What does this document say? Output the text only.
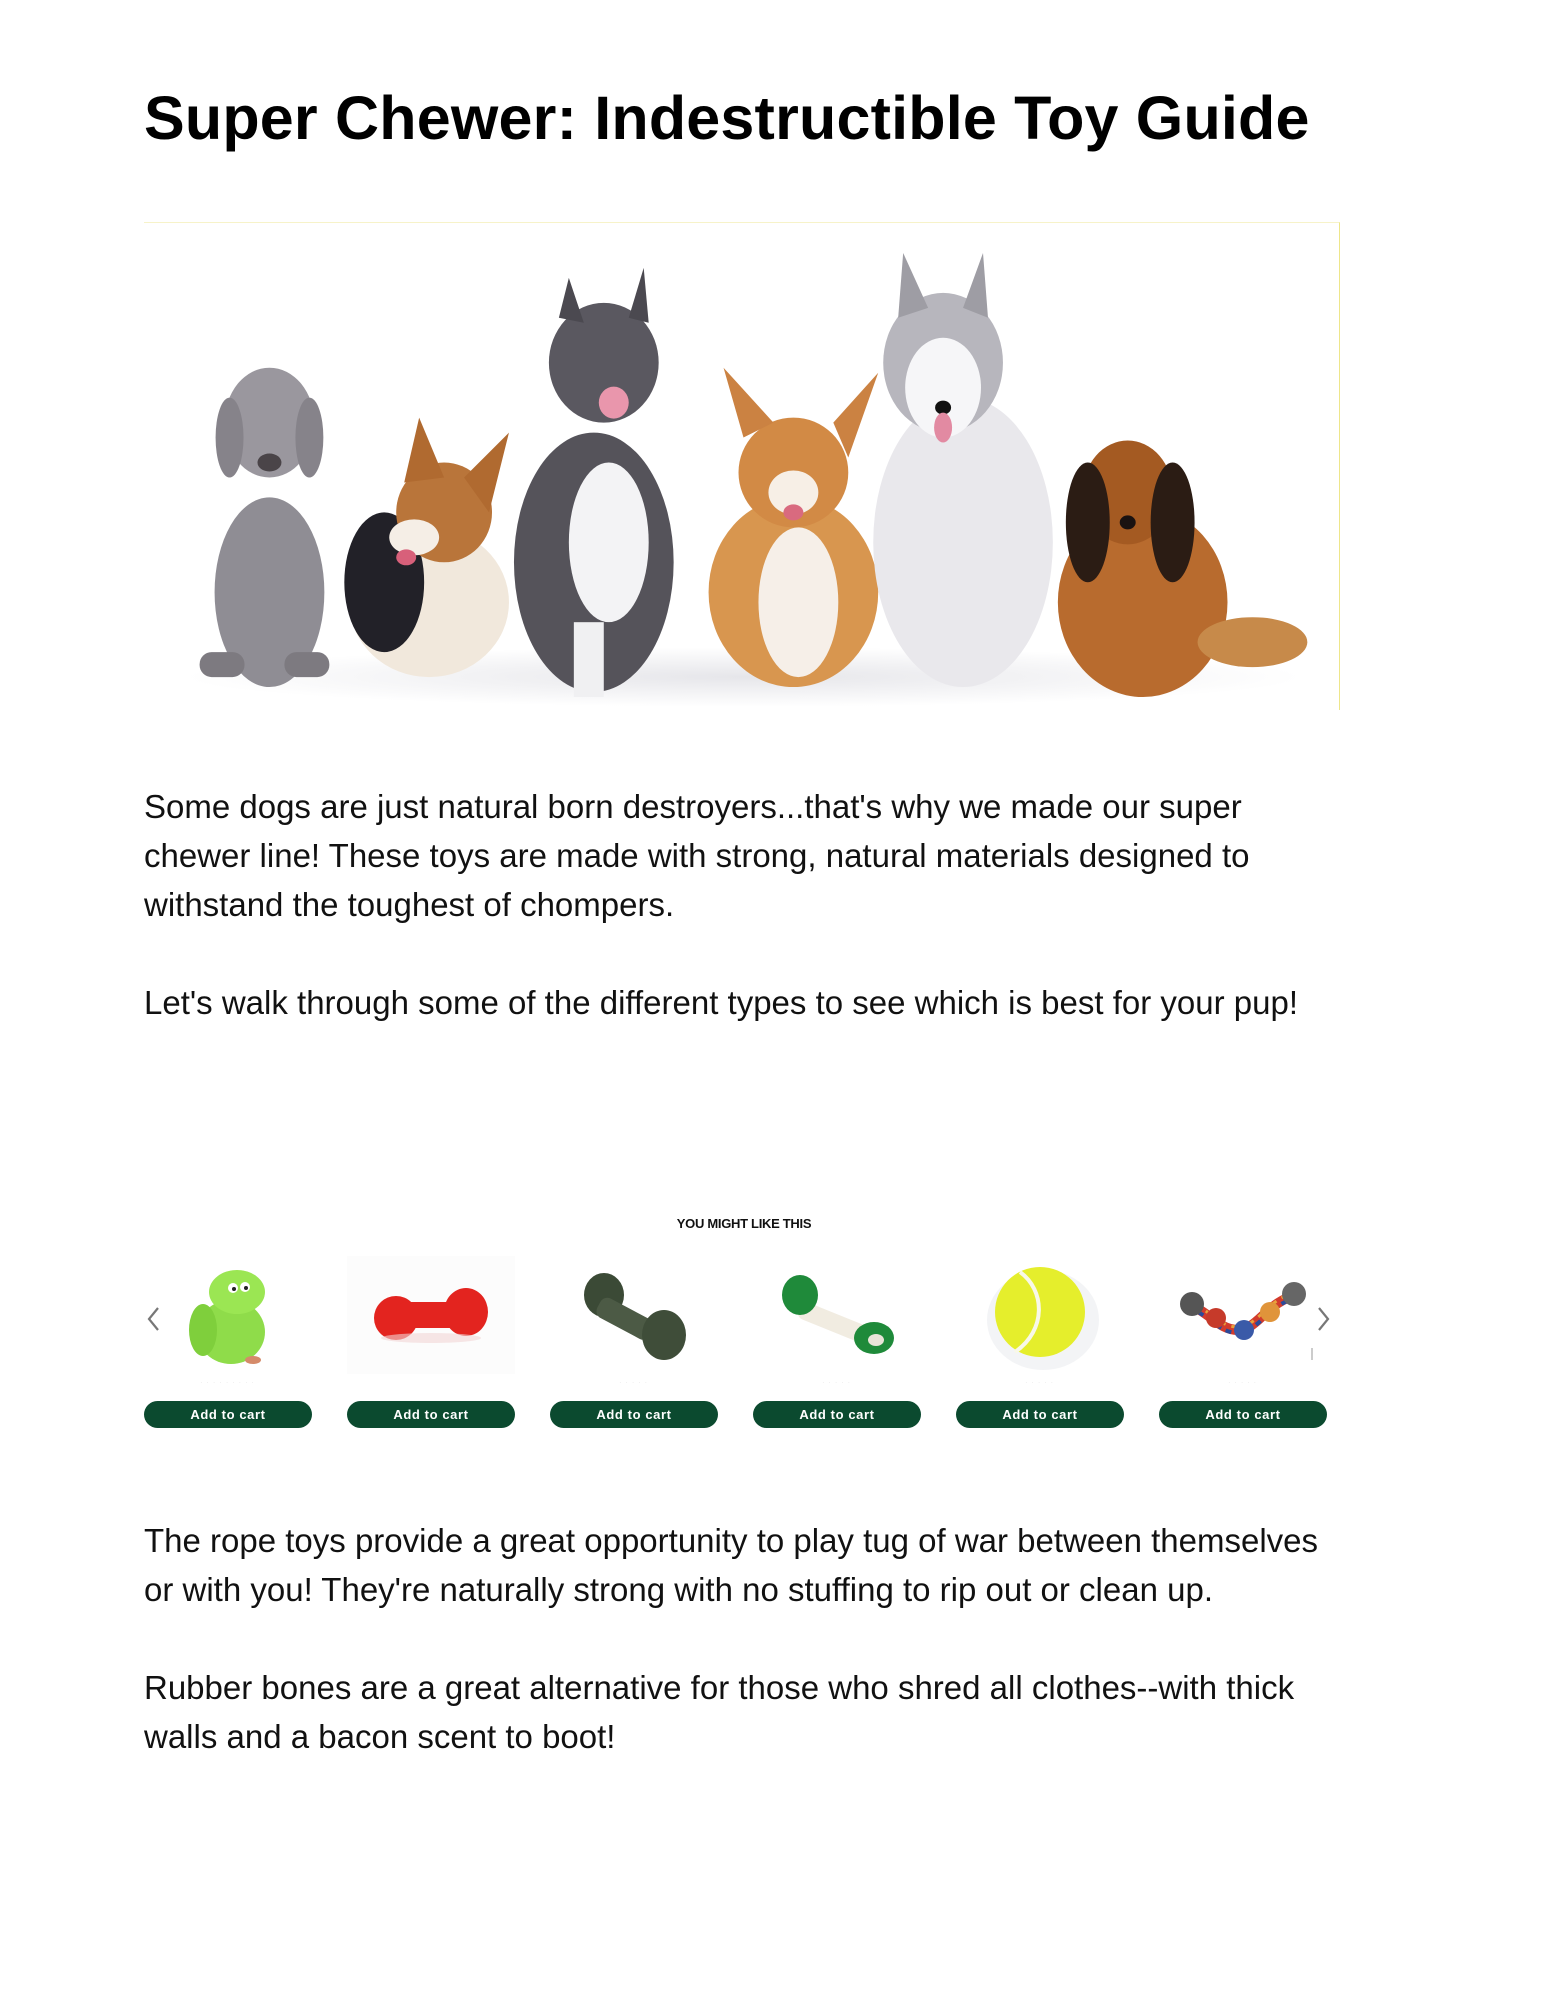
Super Chewer: Indestructible Toy Guide

Some dogs are just natural born destroyers...that's why we made our super chewer line! These toys are made with strong, natural materials designed to withstand the toughest of chompers.

Let's walk through some of the different types to see which is best for your pup!

YOU MIGHT LIKE THIS
· · · · · · · · ·
Add to cart	Add to cart
· · · · ·
Add to cart
· · · · ·
Add to cart
· · · · ·
Add to cart
· · · · ·
Add to cart

The rope toys provide a great opportunity to play tug of war between themselves or with you! They're naturally strong with no stuffing to rip out or clean up.

Rubber bones are a great alternative for those who shred all clothes--with thick walls and a bacon scent to boot!
